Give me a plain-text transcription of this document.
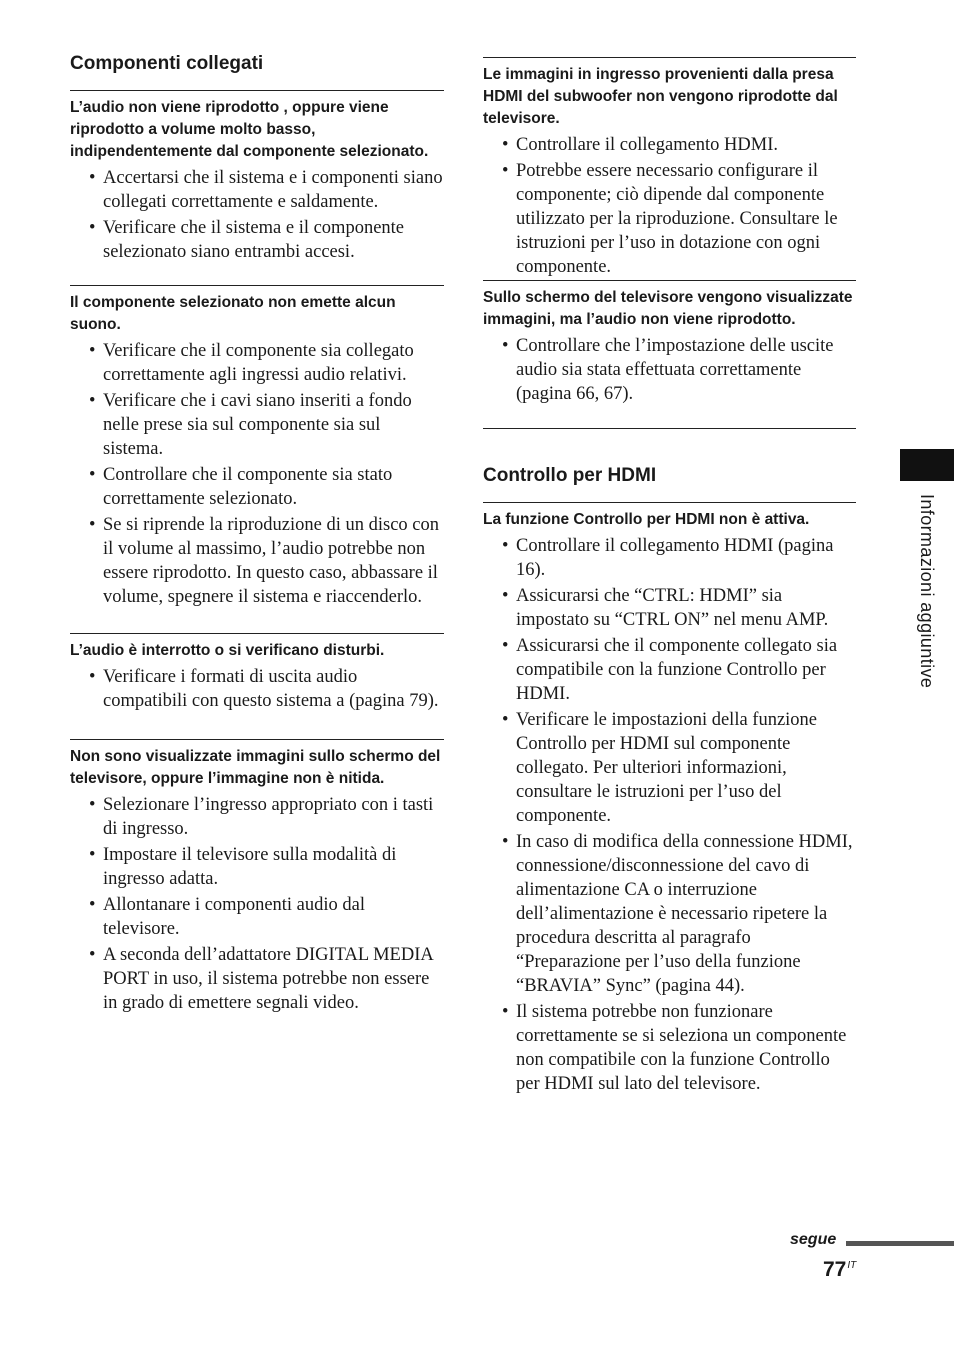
Componenti collegati
L’audio non viene riprodotto , oppure viene riprodotto a volume molto basso, indipendentemente dal componente selezionato.
• Accertarsi che il sistema e i componenti siano collegati correttamente e saldamente.
• Verificare che il sistema e il componente selezionato siano entrambi accesi.
Il componente selezionato non emette alcun suono.
• Verificare che il componente sia collegato correttamente agli ingressi audio relativi.
• Verificare che i cavi siano inseriti a fondo nelle prese sia sul componente sia sul sistema.
• Controllare che il componente sia stato correttamente selezionato.
• Se si riprende la riproduzione di un disco con il volume al massimo, l’audio potrebbe non essere riprodotto. In questo caso, abbassare il volume, spegnere il sistema e riaccenderlo.
L’audio è interrotto o si verificano disturbi.
• Verificare i formati di uscita audio compatibili con questo sistema a (pagina 79).
Non sono visualizzate immagini sullo schermo del televisore, oppure l’immagine non è nitida.
• Selezionare l’ingresso appropriato con i tasti di ingresso.
• Impostare il televisore sulla modalità di ingresso adatta.
• Allontanare i componenti audio dal televisore.
• A seconda dell’adattatore DIGITAL MEDIA PORT in uso, il sistema potrebbe non essere in grado di emettere segnali video.
Le immagini in ingresso provenienti dalla presa HDMI del subwoofer non vengono riprodotte dal televisore.
• Controllare il collegamento HDMI.
• Potrebbe essere necessario configurare il componente; ciò dipende dal componente utilizzato per la riproduzione. Consultare le istruzioni per l’uso in dotazione con ogni componente.
Sullo schermo del televisore vengono visualizzate immagini, ma l’audio non viene riprodotto.
• Controllare che l’impostazione delle uscite audio sia stata effettuata correttamente (pagina 66, 67).
Controllo per HDMI
La funzione Controllo per HDMI non è attiva.
• Controllare il collegamento HDMI (pagina 16).
• Assicurarsi che “CTRL: HDMI” sia impostato su “CTRL ON” nel menu AMP.
• Assicurarsi che il componente collegato sia compatibile con la funzione Controllo per HDMI.
• Verificare le impostazioni della funzione Controllo per HDMI sul componente collegato. Per ulteriori informazioni, consultare le istruzioni per l’uso del componente.
• In caso di modifica della connessione HDMI, connessione/disconnessione del cavo di alimentazione CA o interruzione dell’alimentazione è necessario ripetere la procedura descritta al paragrafo “Preparazione per l’uso della funzione “BRAVIA” Sync” (pagina 44).
• Il sistema potrebbe non funzionare correttamente se si seleziona un componente non compatibile con la funzione Controllo per HDMI sul lato del televisore.
Informazioni aggiuntive
segue
$77^{IT}$
